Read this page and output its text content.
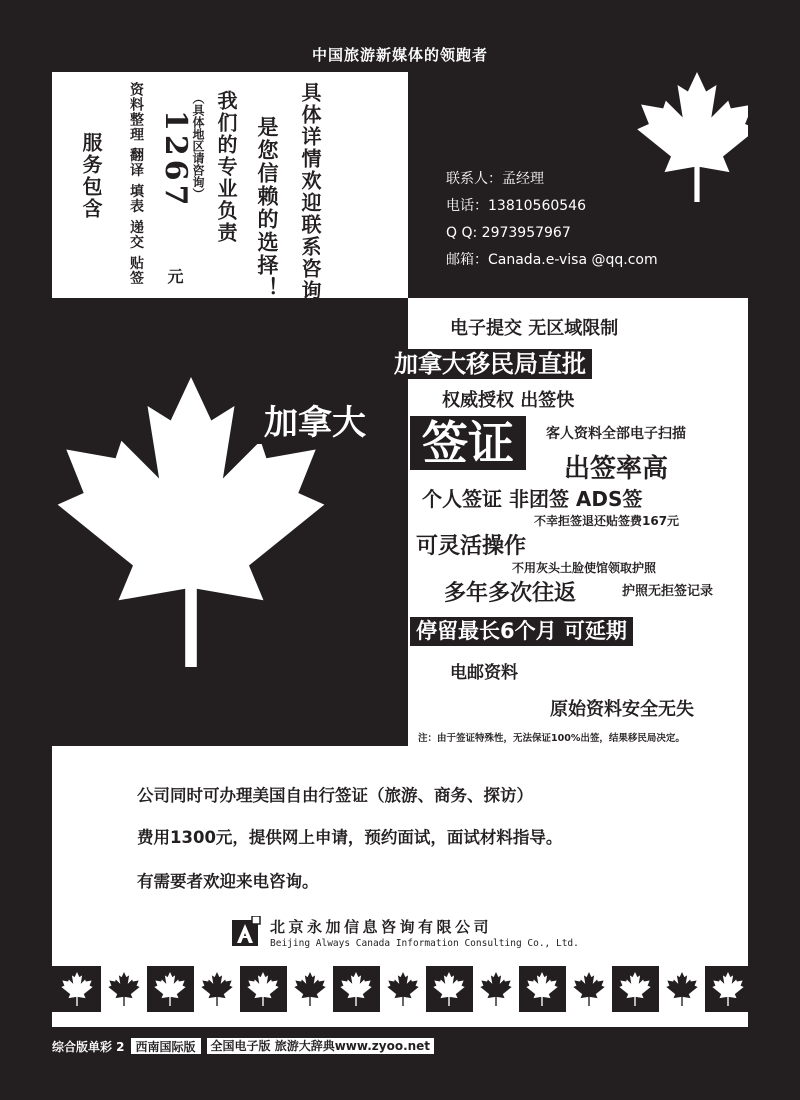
中国旅游新媒体的领跑者
服务包含 资料整理 翻译 填表 递交 贴签 1267
元
（具体地区请咨询） 我们的专业负责 是您信赖的选择！ 具体详情欢迎联系咨询	联系人：孟经理
电话：13810560546
Q Q: 2973957967
邮箱：Canada.e-visa @qq.com
电子提交 无区域限制
加拿大移民局直批
权威授权 出签快
加拿大 签证	客人资料全部电子扫描
出签率高
个人签证 非团签 ADS签
不幸拒签退还贴签费167元
可灵活操作
不用灰头土脸使馆领取护照
多年多次往返	护照无拒签记录
停留最长6个月 可延期
电邮资料
原始资料安全无失
注：由于签证特殊性，无法保证100%出签，结果移民局决定。
公司同时可办理美国自由行签证（旅游、商务、探访）
费用1300元，提供网上申请，预约面试，面试材料指导。
有需要者欢迎来电咨询。
北京永加信息咨询有限公司
Beijing Always Canada Information Consulting Co., Ltd.
综合版单彩 2 西南国际版	全国电子版 旅游大辞典www.zyoo.net
